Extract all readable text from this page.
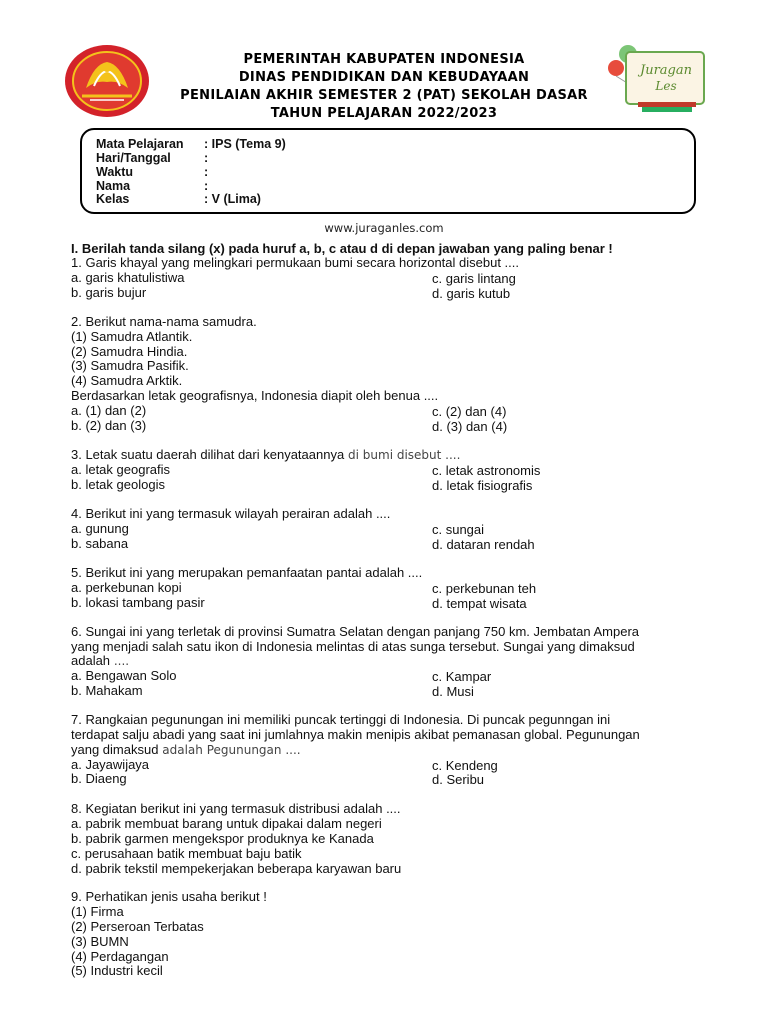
Juragan
Les
PEMERINTAH KABUPATEN INDONESIA
DINAS PENDIDIKAN DAN KEBUDAYAAN
PENILAIAN AKHIR SEMESTER 2 (PAT) SEKOLAH DASAR
TAHUN PELAJARAN 2022/2023
Mata Pelajaran : IPS (Tema 9)
Hari/Tanggal	:
Waktu	:
Nama	:
Kelas	: V (Lima)
www.juraganles.com
I. Berilah tanda silang (x) pada huruf a, b, c atau d di depan jawaban yang paling benar !
1. Garis khayal yang melingkari permukaan bumi secara horizontal disebut ....
a. garis khatulistiwa	c. garis lintang
b. garis bujur	d. garis kutub
2. Berikut nama-nama samudra.
(1) Samudra Atlantik.
(2) Samudra Hindia.
(3) Samudra Pasifik.
(4) Samudra Arktik.
Berdasarkan letak geografisnya, Indonesia diapit oleh benua ....
a. (1) dan (2)	c. (2) dan (4)
b. (2) dan (3)	d. (3) dan (4)
3. Letak suatu daerah dilihat dari kenyataannya di bumi disebut ....
a. letak geografis	c. letak astronomis
b. letak geologis	d. letak fisiografis
4. Berikut ini yang termasuk wilayah perairan adalah ....
a. gunung	c. sungai
b. sabana	d. dataran rendah
5. Berikut ini yang merupakan pemanfaatan pantai adalah ....
a. perkebunan kopi	c. perkebunan teh
b. lokasi tambang pasir	d. tempat wisata
6. Sungai ini yang terletak di provinsi Sumatra Selatan dengan panjang 750 km. Jembatan Ampera
yang menjadi salah satu ikon di Indonesia melintas di atas sunga tersebut. Sungai yang dimaksud
adalah ....
a. Bengawan Solo	c. Kampar
b. Mahakam	d. Musi
7. Rangkaian pegunungan ini memiliki puncak tertinggi di Indonesia. Di puncak pegunngan ini
terdapat salju abadi yang saat ini jumlahnya makin menipis akibat pemanasan global. Pegunungan
yang dimaksud adalah Pegunungan ....
a. Jayawijaya	c. Kendeng
b. Diaeng	d. Seribu
8. Kegiatan berikut ini yang termasuk distribusi adalah ....
a. pabrik membuat barang untuk dipakai dalam negeri
b. pabrik garmen mengekspor produknya ke Kanada
c. perusahaan batik membuat baju batik
d. pabrik tekstil mempekerjakan beberapa karyawan baru
9. Perhatikan jenis usaha berikut !
(1) Firma
(2) Perseroan Terbatas
(3) BUMN
(4) Perdagangan
(5) Industri kecil
